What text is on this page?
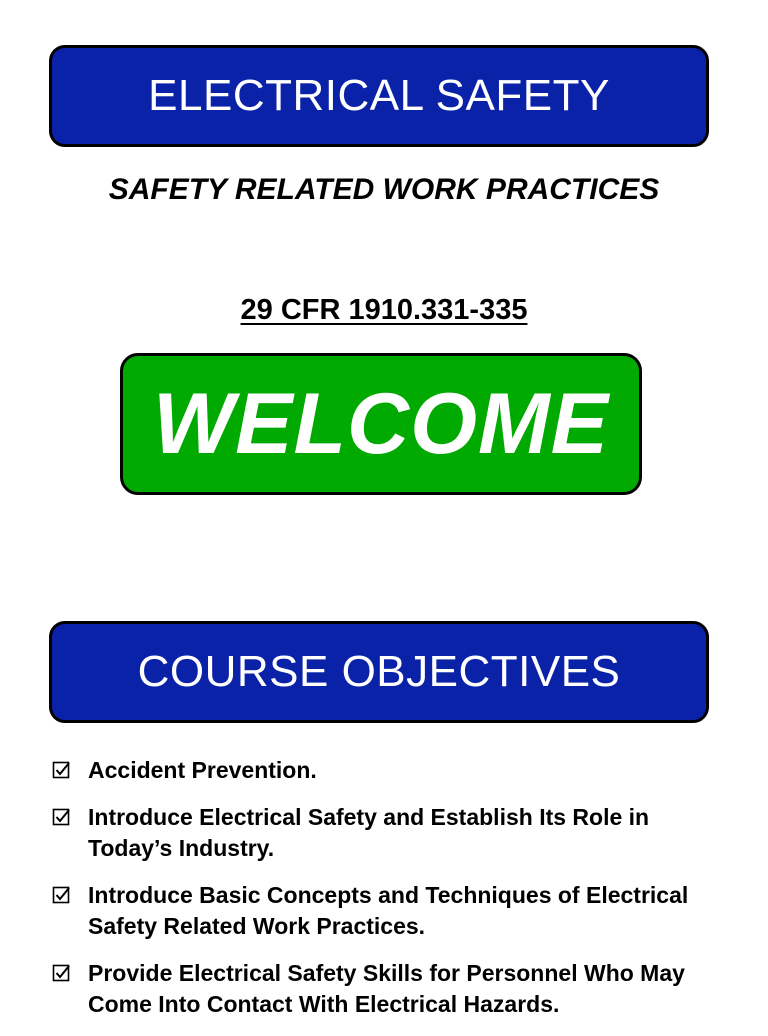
ELECTRICAL SAFETY
SAFETY RELATED WORK PRACTICES
29 CFR 1910.331-335
WELCOME
COURSE OBJECTIVES
Accident Prevention.
Introduce Electrical Safety and Establish Its Role in Today’s Industry.
Introduce Basic Concepts and Techniques of Electrical Safety Related Work Practices.
Provide Electrical Safety Skills for Personnel Who May Come Into Contact With Electrical Hazards.
